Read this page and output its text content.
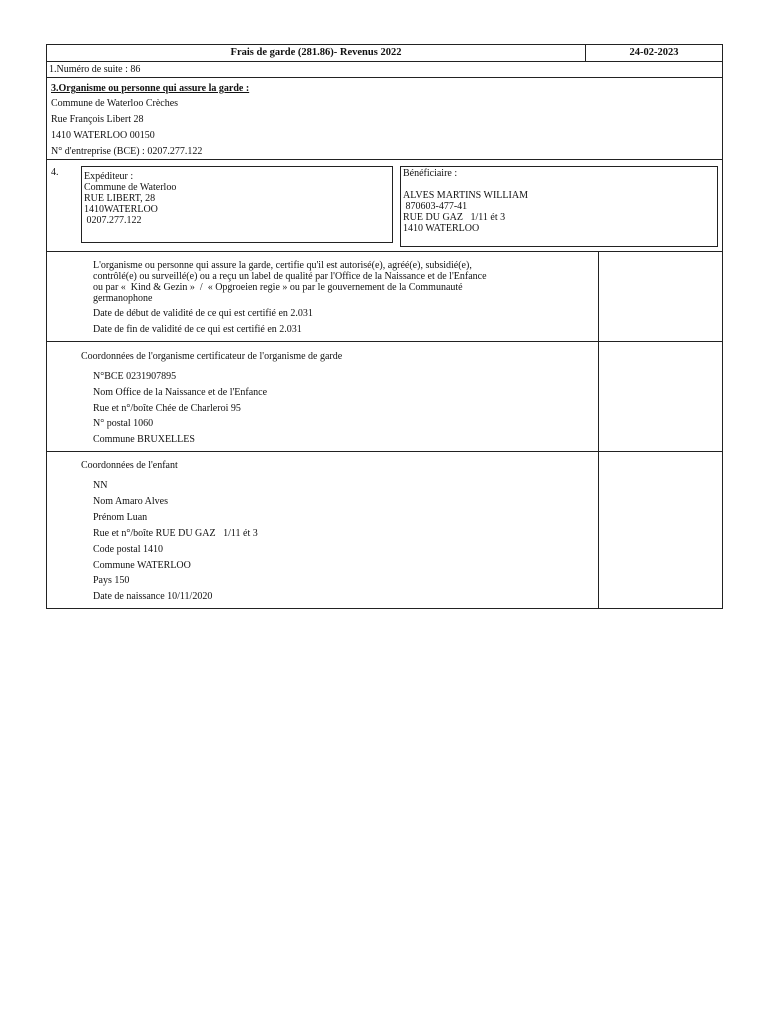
Frais de garde (281.86)- Revenus 2022	24-02-2023
1.Numéro de suite : 86
3.Organisme ou personne qui assure la garde :
Commune de Waterloo Crèches
Rue François Libert 28
1410 WATERLOO 00150
N° d'entreprise (BCE) : 0207.277.122
4.	Expéditeur :
Commune de Waterloo
RUE LIBERT, 28
1410WATERLOO
0207.277.122
Bénéficiaire :
ALVES MARTINS WILLIAM
870603-477-41
RUE DU GAZ   1/11 ét 3
1410 WATERLOO
L'organisme ou personne qui assure la garde, certifie qu'il est autorisé(e), agréé(e), subsidié(e),
contrôlé(e) ou surveillé(e) ou a reçu un label de qualité par l'Office de la Naissance et de l'Enfance
ou par «  Kind & Gezin »  /  « Opgroeien regie » ou par le gouvernement de la Communauté
germanophone
Date de début de validité de ce qui est certifié en 2.031
Date de fin de validité de ce qui est certifié en 2.031
Coordonnées de l'organisme certificateur de l'organisme de garde
N°BCE 0231907895
Nom Office de la Naissance et de l'Enfance
Rue et n°/boîte Chée de Charleroi 95
N° postal 1060
Commune BRUXELLES
Coordonnées de l'enfant
NN
Nom Amaro Alves
Prénom Luan
Rue et n°/boîte RUE DU GAZ   1/11 ét 3
Code postal 1410
Commune WATERLOO
Pays 150
Date de naissance 10/11/2020
